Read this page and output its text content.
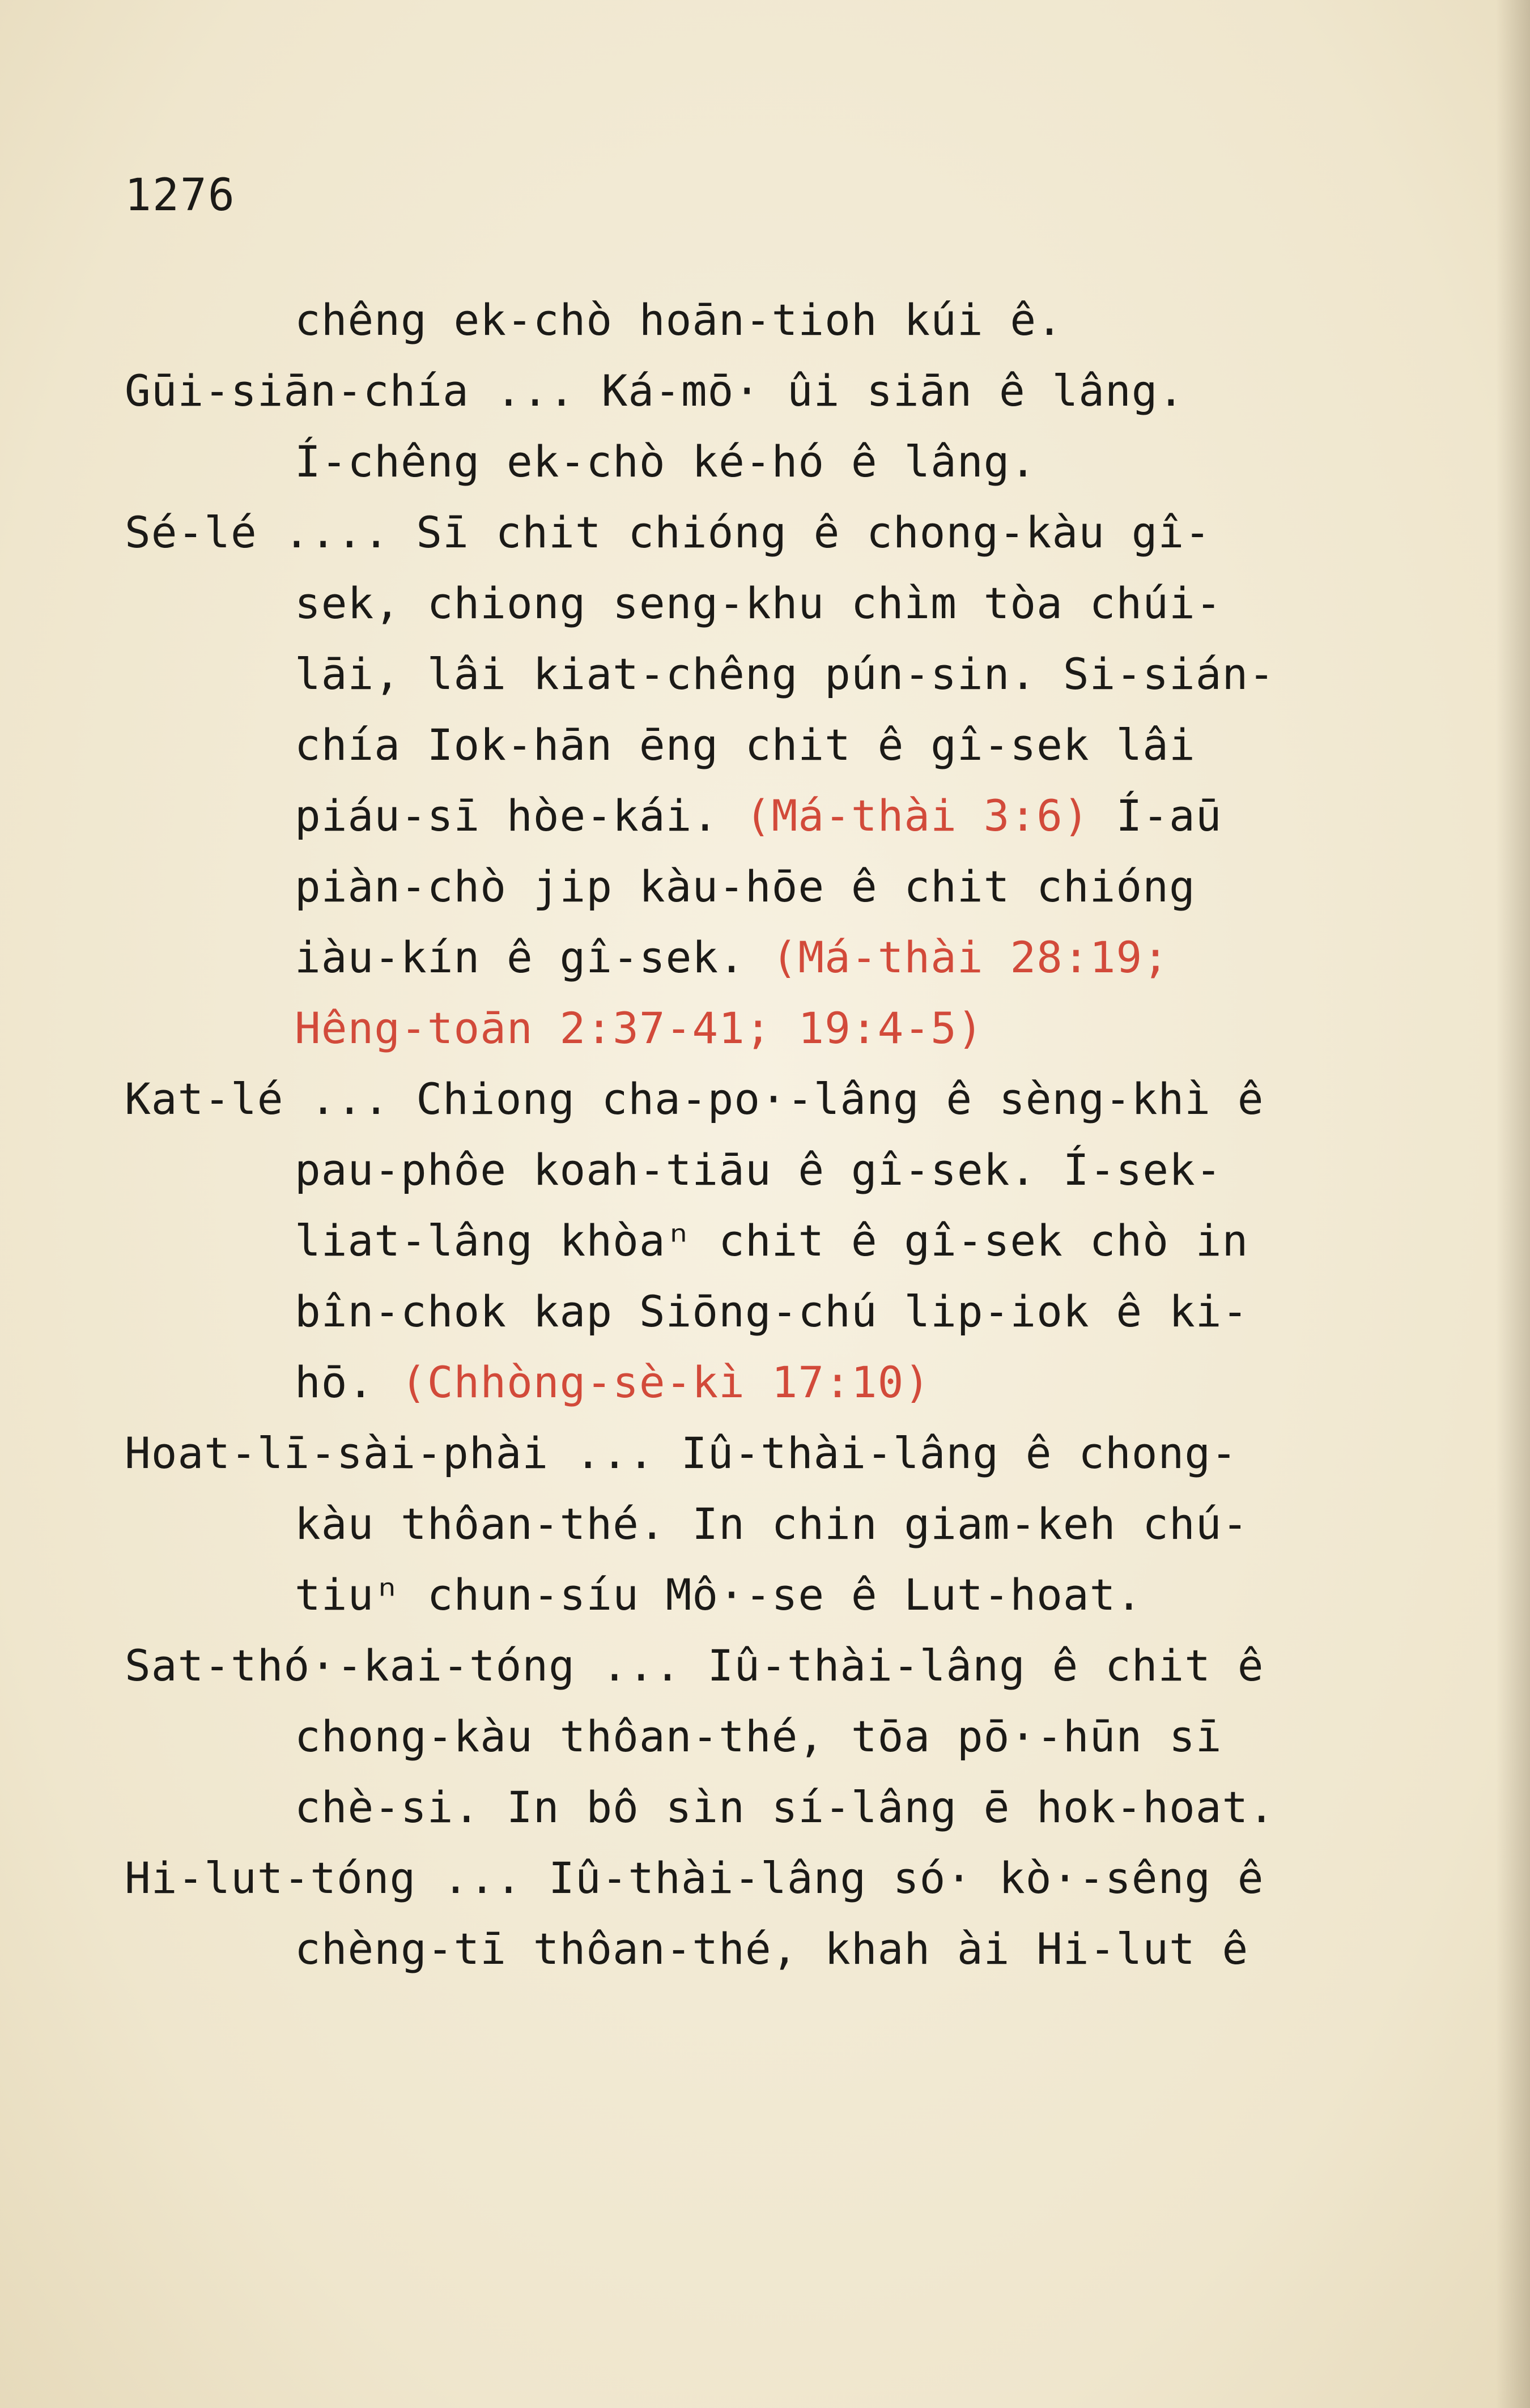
1276
chêng ek-chò hoān-tioh kúi ê.
Gūi-siān-chía ... Ká-mō· ûi siān ê lâng.
Í-chêng ek-chò ké-hó ê lâng.
Sé-lé .... Sī chit chióng ê chong-kàu gî-
sek, chiong seng-khu chìm tòa chúi-
lāi, lâi kiat-chêng pún-sin. Si-sián-
chía Iok-hān ēng chit ê gî-sek lâi
piáu-sī hòe-kái. (Má-thài 3:6) Í-aū
piàn-chò jip kàu-hōe ê chit chióng
iàu-kín ê gî-sek. (Má-thài 28:19;
Hêng-toān 2:37-41; 19:4-5)
Kat-lé ... Chiong cha-po·-lâng ê sèng-khì ê
pau-phôe koah-tiāu ê gî-sek. Í-sek-
liat-lâng khòaⁿ chit ê gî-sek chò in
bîn-chok kap Siōng-chú lip-iok ê ki-
hō. (Chhòng-sè-kì 17:10)
Hoat-lī-sài-phài ... Iû-thài-lâng ê chong-
kàu thôan-thé. In chin giam-keh chú-
tiuⁿ chun-síu Mô·-se ê Lut-hoat.
Sat-thó·-kai-tóng ... Iû-thài-lâng ê chit ê
chong-kàu thôan-thé, tōa pō·-hūn sī
chè-si. In bô sìn sí-lâng ē hok-hoat.
Hi-lut-tóng ... Iû-thài-lâng só· kò·-sêng ê
chèng-tī thôan-thé, khah ài Hi-lut ê
